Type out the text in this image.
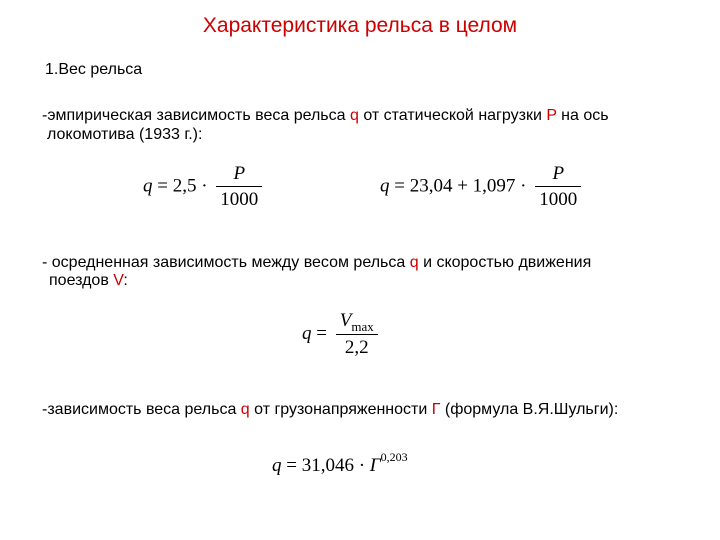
Характеристика рельса в целом
1.Вес рельса
-эмпирическая зависимость веса рельса q от статической нагрузки P на ось
локомотива (1933 г.):
$q = 2,5 \cdot \frac{P}{1000}$	$q = 23,04 + 1,097 \cdot \frac{P}{1000}$
- осредненная зависимость между весом рельса q и скоростью движения
поездов V:
$q = \frac{V_{max}}{2,2}$
-зависимость веса рельса q от грузонапряженности Г (формула В.Я.Шульги):
q = 31,046 · Г$^{0,203}$
